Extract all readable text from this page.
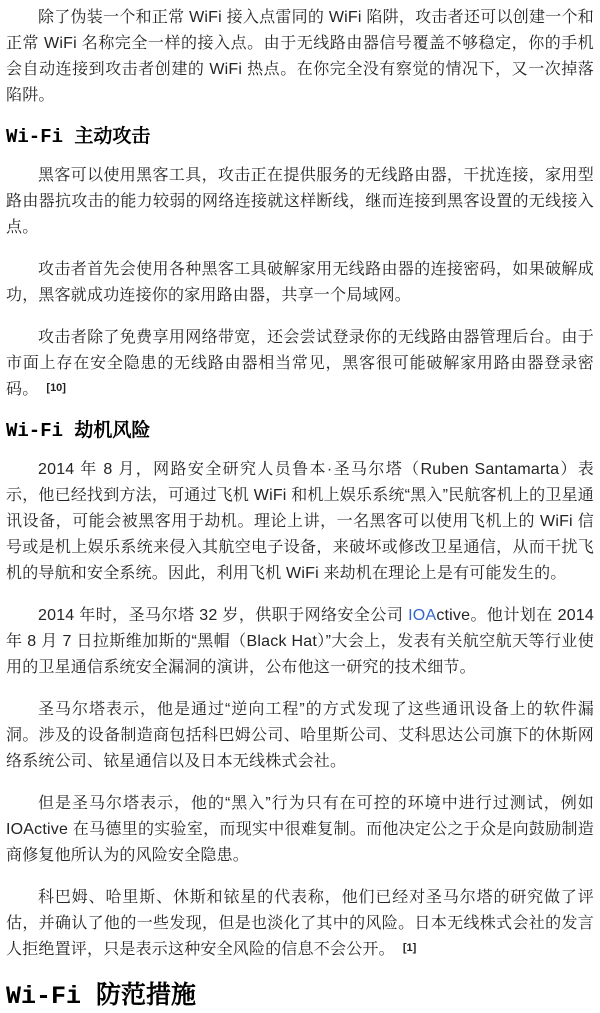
除了伪装一个和正常 WiFi 接入点雷同的 WiFi 陷阱，攻击者还可以创建一个和正常 WiFi 名称完全一样的接入点。由于无线路由器信号覆盖不够稳定，你的手机会自动连接到攻击者创建的 WiFi 热点。在你完全没有察觉的情况下，又一次掉落陷阱。

Wi-Fi 主动攻击

黑客可以使用黑客工具，攻击正在提供服务的无线路由器，干扰连接，家用型路由器抗攻击的能力较弱的网络连接就这样断线，继而连接到黑客设置的无线接入点。

攻击者首先会使用各种黑客工具破解家用无线路由器的连接密码，如果破解成功，黑客就成功连接你的家用路由器，共享一个局域网。

攻击者除了免费享用网络带宽，还会尝试登录你的无线路由器管理后台。由于市面上存在安全隐患的无线路由器相当常见，黑客很可能破解家用路由器登录密码。 [10]

Wi-Fi 劫机风险

2014 年 8 月，网路安全研究人员鲁本·圣马尔塔（Ruben Santamarta）表示，他已经找到方法，可通过飞机 WiFi 和机上娱乐系统“黑入”民航客机上的卫星通讯设备，可能会被黑客用于劫机。理论上讲，一名黑客可以使用飞机上的 WiFi 信号或是机上娱乐系统来侵入其航空电子设备，来破坏或修改卫星通信，从而干扰飞机的导航和安全系统。因此，利用飞机 WiFi 来劫机在理论上是有可能发生的。

2014 年时，圣马尔塔 32 岁，供职于网络安全公司 IOActive。他计划在 2014 年 8 月 7 日拉斯维加斯的“黑帽（Black Hat）”大会上，发表有关航空航天等行业使用的卫星通信系统安全漏洞的演讲，公布他这一研究的技术细节。

圣马尔塔表示，他是通过“逆向工程”的方式发现了这些通讯设备上的软件漏洞。涉及的设备制造商包括科巴姆公司、哈里斯公司、艾科思达公司旗下的休斯网络系统公司、铱星通信以及日本无线株式会社。

但是圣马尔塔表示，他的“黑入”行为只有在可控的环境中进行过测试，例如 IOActive 在马德里的实验室，而现实中很难复制。而他决定公之于众是向鼓励制造商修复他所认为的风险安全隐患。

科巴姆、哈里斯、休斯和铱星的代表称，他们已经对圣马尔塔的研究做了评估，并确认了他的一些发现，但是也淡化了其中的风险。日本无线株式会社的发言人拒绝置评，只是表示这种安全风险的信息不会公开。 [1]

Wi-Fi 防范措施
